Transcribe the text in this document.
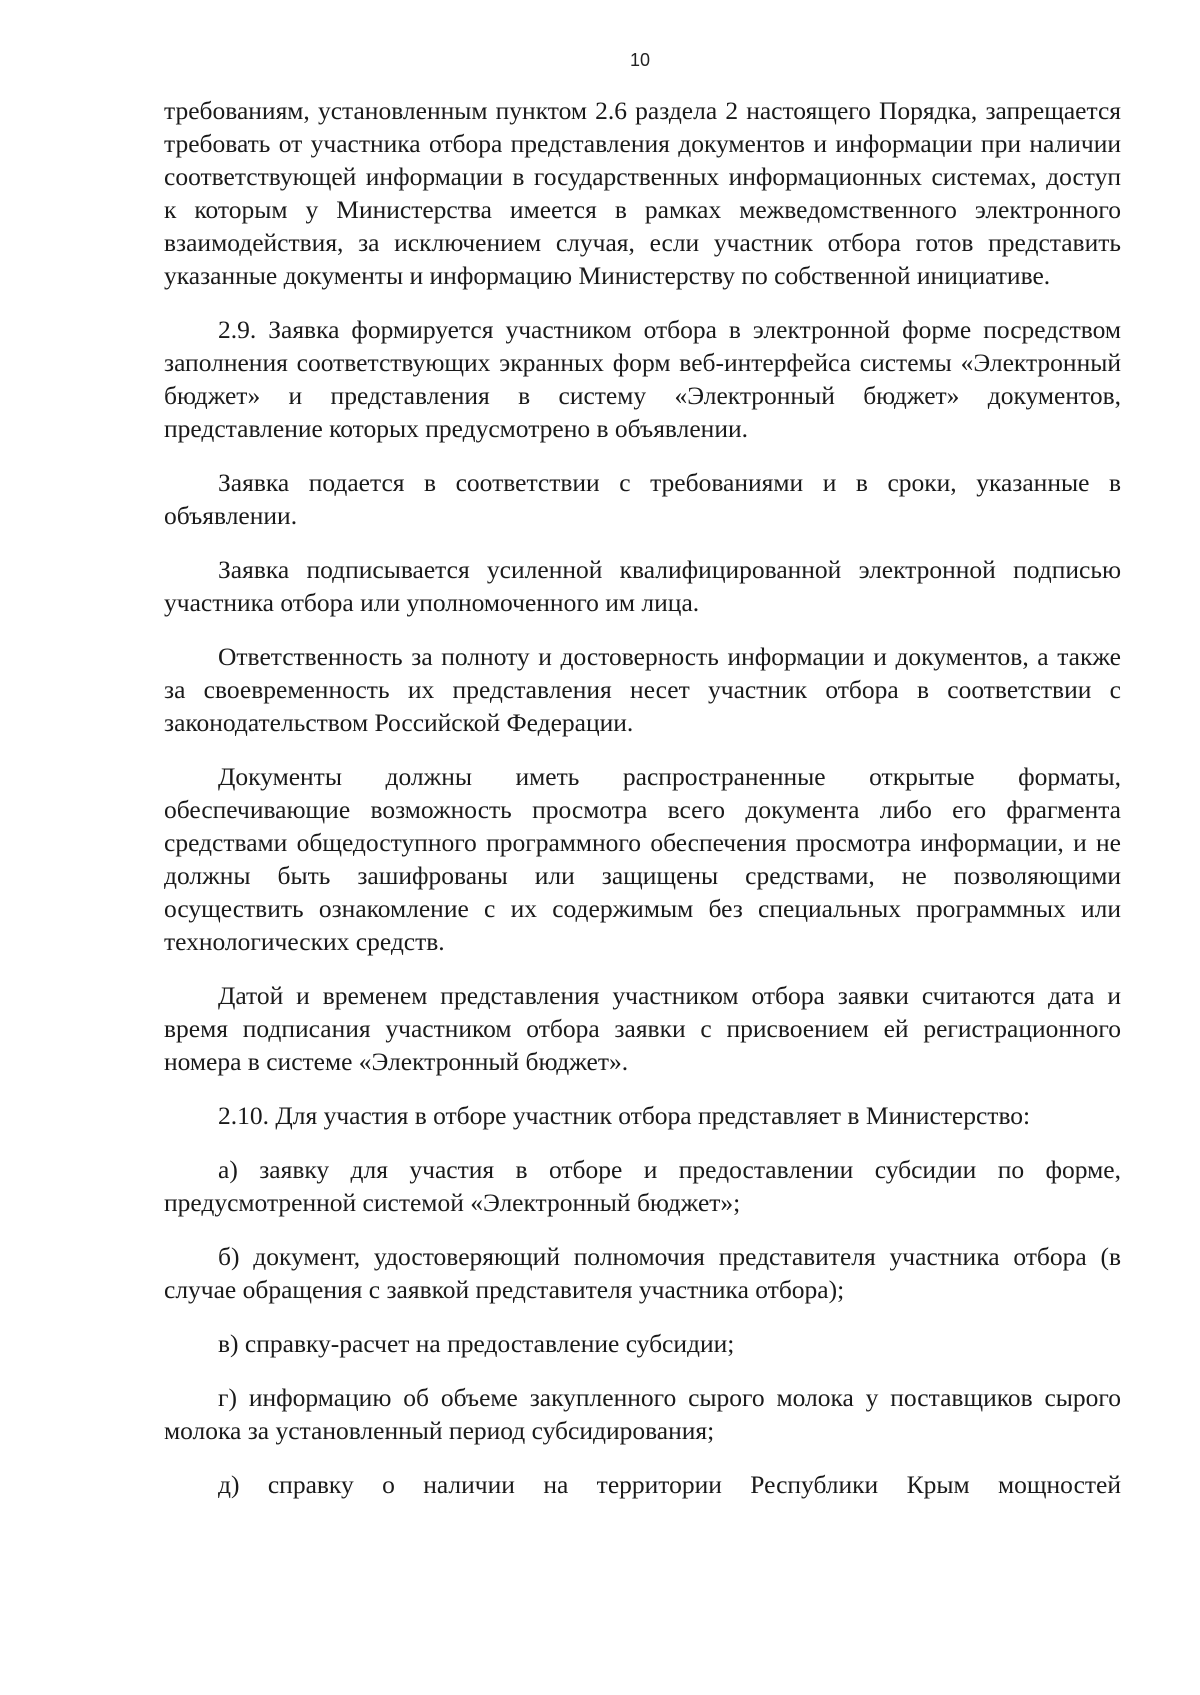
10

требованиям, установленным пунктом 2.6 раздела 2 настоящего Порядка, запрещается требовать от участника отбора представления документов и информации при наличии соответствующей информации в государственных информационных системах, доступ к которым у Министерства имеется в рамках межведомственного электронного взаимодействия, за исключением случая, если участник отбора готов представить указанные документы и информацию Министерству по собственной инициативе.

2.9. Заявка формируется участником отбора в электронной форме посредством заполнения соответствующих экранных форм веб-интерфейса системы «Электронный бюджет» и представления в систему «Электронный бюджет» документов, представление которых предусмотрено в объявлении.

Заявка подается в соответствии с требованиями и в сроки, указанные в объявлении.

Заявка подписывается усиленной квалифицированной электронной подписью участника отбора или уполномоченного им лица.

Ответственность за полноту и достоверность информации и документов, а также за своевременность их представления несет участник отбора в соответствии с законодательством Российской Федерации.

Документы должны иметь распространенные открытые форматы, обеспечивающие возможность просмотра всего документа либо его фрагмента средствами общедоступного программного обеспечения просмотра информации, и не должны быть зашифрованы или защищены средствами, не позволяющими осуществить ознакомление с их содержимым без специальных программных или технологических средств.

Датой и временем представления участником отбора заявки считаются дата и время подписания участником отбора заявки с присвоением ей регистрационного номера в системе «Электронный бюджет».

2.10. Для участия в отборе участник отбора представляет в Министерство:

а) заявку для участия в отборе и предоставлении субсидии по форме, предусмотренной системой «Электронный бюджет»;

б) документ, удостоверяющий полномочия представителя участника отбора (в случае обращения с заявкой представителя участника отбора);

в) справку-расчет на предоставление субсидии;

г) информацию об объеме закупленного сырого молока у поставщиков сырого молока за установленный период субсидирования;

д) справку о наличии на территории Республики Крым мощностей
